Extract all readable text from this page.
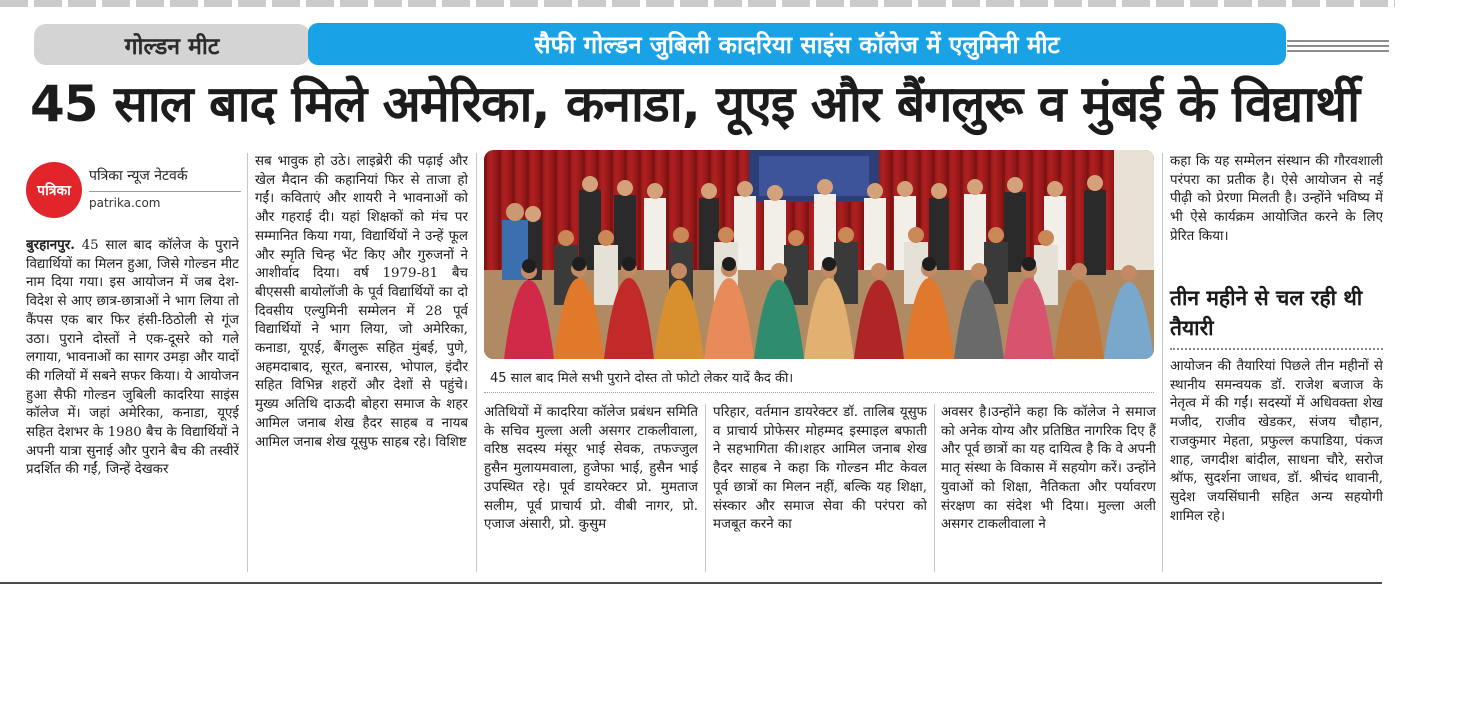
गोल्डन मीट	सैफी गोल्डन जुबिली कादरिया साइंस कॉलेज में एलुमिनी मीट
45 साल बाद मिले अमेरिका, कनाडा, यूएइ और बैंगलुरू व मुंबई के विद्यार्थी
पत्रिका
पत्रिका न्यूज नेटवर्क
patrika.com
बुरहानपुर. 45 साल बाद कॉलेज के पुराने विद्यार्थियों का मिलन हुआ, जिसे गोल्डन मीट नाम दिया गया। इस आयोजन में जब देश-विदेश से आए छात्र-छात्राओं ने भाग लिया तो कैंपस एक बार फिर हंसी-ठिठोली से गूंज उठा। पुराने दोस्तों ने एक-दूसरे को गले लगाया, भावनाओं का सागर उमड़ा और यादों की गलियों में सबने सफर किया। ये आयोजन हुआ सैफी गोल्डन जुबिली कादरिया साइंस कॉलेज में। जहां अमेरिका, कनाडा, यूएई सहित देशभर के 1980 बैच के विद्यार्थियों ने अपनी यात्रा सुनाई और पुराने बैच की तस्वीरें प्रदर्शित की गईं, जिन्हें देखकर
सब भावुक हो उठे। लाइब्रेरी की पढ़ाई और खेल मैदान की कहानियां फिर से ताजा हो गईं। कविताएं और शायरी ने भावनाओं को और गहराई दी। यहां शिक्षकों को मंच पर सम्मानित किया गया, विद्यार्थियों ने उन्हें फूल और स्मृति चिन्ह भेंट किए और गुरुजनों ने आशीर्वाद दिया। वर्ष 1979-81 बैच बीएससी बायोलॉजी के पूर्व विद्यार्थियों का दो दिवसीय एल्युमिनी सम्मेलन में 28 पूर्व विद्यार्थियों ने भाग लिया, जो अमेरिका, कनाडा, यूएई, बैंगलुरू सहित मुंबई, पुणे, अहमदाबाद, सूरत, बनारस, भोपाल, इंदौर सहित विभिन्न शहरों और देशों से पहुंचे। मुख्य अतिथि दाऊदी बोहरा समाज के शहर आमिल जनाब शेख हैदर साहब व नायब आमिल जनाब शेख यूसुफ साहब रहे। विशिष्ट
45 साल बाद मिले सभी पुराने दोस्त तो फोटो लेकर यादें कैद की।
अतिथियों में कादरिया कॉलेज प्रबंधन समिति के सचिव मुल्ला अली असगर टाकलीवाला, वरिष्ठ सदस्य मंसूर भाई सेवक, तफज्जुल हुसैन मुलायमवाला, हुजेफा भाई, हुसैन भाई उपस्थित रहे। पूर्व डायरेक्टर प्रो. मुमताज सलीम, पूर्व प्राचार्य प्रो. वीबी नागर, प्रो. एजाज अंसारी, प्रो. कुसुम
परिहार, वर्तमान डायरेक्टर डॉ. तालिब यूसुफ व प्राचार्य प्रोफेसर मोहम्मद इस्माइल बफाती ने सहभागिता की।शहर आमिल जनाब शेख हैदर साहब ने कहा कि गोल्डन मीट केवल पूर्व छात्रों का मिलन नहीं, बल्कि यह शिक्षा, संस्कार और समाज सेवा की परंपरा को मजबूत करने का
अवसर है।उन्होंने कहा कि कॉलेज ने समाज को अनेक योग्य और प्रतिष्ठित नागरिक दिए हैं और पूर्व छात्रों का यह दायित्व है कि वे अपनी मातृ संस्था के विकास में सहयोग करें। उन्होंने युवाओं को शिक्षा, नैतिकता और पर्यावरण संरक्षण का संदेश भी दिया। मुल्ला अली असगर टाकलीवाला ने
कहा कि यह सम्मेलन संस्थान की गौरवशाली परंपरा का प्रतीक है। ऐसे आयोजन से नई पीढ़ी को प्रेरणा मिलती है। उन्होंने भविष्य में भी ऐसे कार्यक्रम आयोजित करने के लिए प्रेरित किया।
तीन महीने से चल रही थी तैयारी
आयोजन की तैयारियां पिछले तीन महीनों से स्थानीय समन्वयक डॉ. राजेश बजाज के नेतृत्व में की गईं। सदस्यों में अधिवक्ता शेख मजीद, राजीव खेडकर, संजय चौहान, राजकुमार मेहता, प्रफुल्ल कपाडिया, पंकज शाह, जगदीश बांदील, साधना चौरे, सरोज श्रॉफ, सुदर्शना जाधव, डॉ. श्रीचंद थावानी, सुदेश जयसिंघानी सहित अन्य सहयोगी शामिल रहे।
